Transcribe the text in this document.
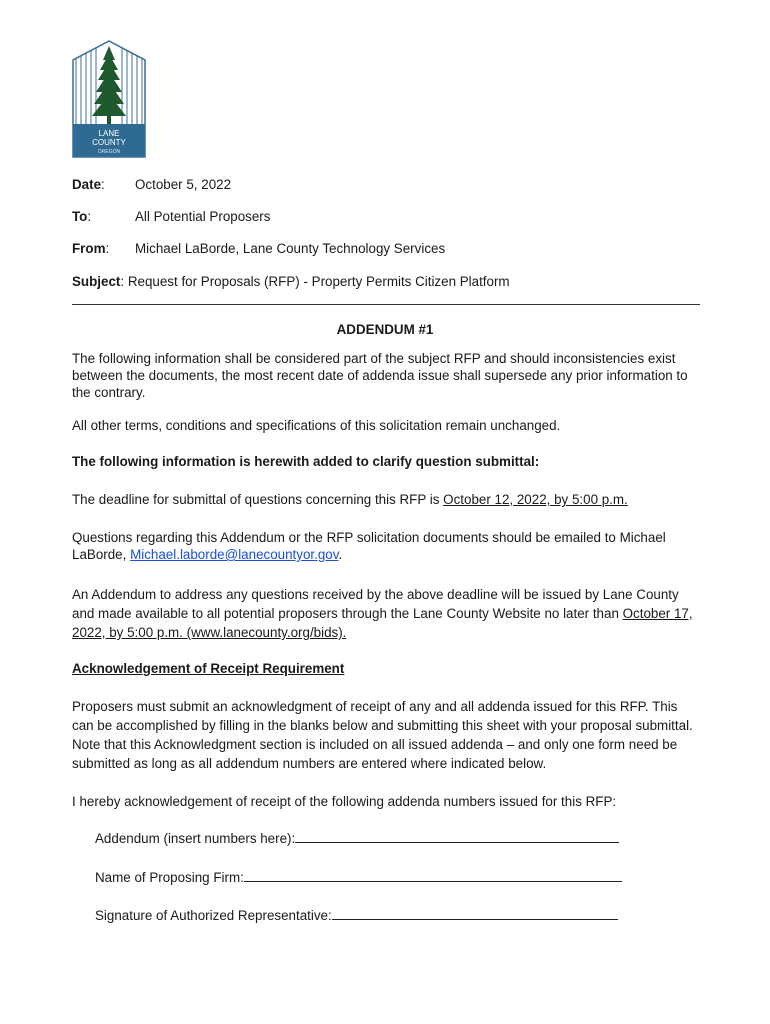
LANE
COUNTY
OREGON
Date: October 5, 2022
To:	All Potential Proposers
From: Michael LaBorde, Lane County Technology Services
Subject: Request for Proposals (RFP) - Property Permits Citizen Platform
ADDENDUM #1
The following information shall be considered part of the subject RFP and should inconsistencies exist between the documents, the most recent date of addenda issue shall supersede any prior information to the contrary.
All other terms, conditions and specifications of this solicitation remain unchanged.
The following information is herewith added to clarify question submittal:
The deadline for submittal of questions concerning this RFP is October 12, 2022, by 5:00 p.m.
Questions regarding this Addendum or the RFP solicitation documents should be emailed to Michael LaBorde, Michael.laborde@lanecountyor.gov.
An Addendum to address any questions received by the above deadline will be issued by Lane County and made available to all potential proposers through the Lane County Website no later than October 17, 2022, by 5:00 p.m. (www.lanecounty.org/bids).
Acknowledgement of Receipt Requirement
Proposers must submit an acknowledgment of receipt of any and all addenda issued for this RFP. This can be accomplished by filling in the blanks below and submitting this sheet with your proposal submittal. Note that this Acknowledgment section is included on all issued addenda – and only one form need be submitted as long as all addendum numbers are entered where indicated below.
I hereby acknowledgement of receipt of the following addenda numbers issued for this RFP:
Addendum (insert numbers here):
Name of Proposing Firm:
Signature of Authorized Representative:
